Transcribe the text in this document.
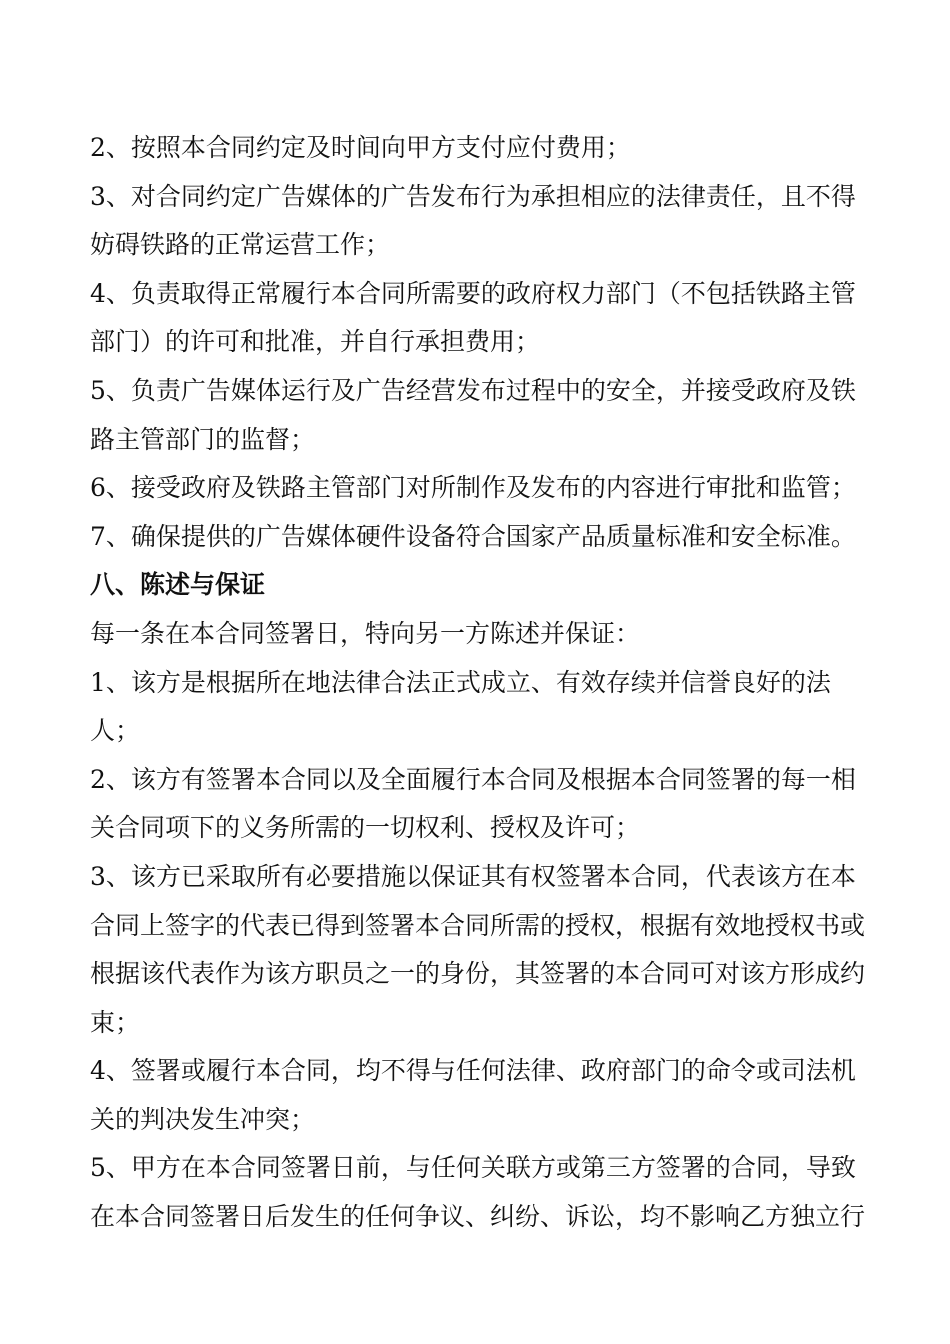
2、按照本合同约定及时间向甲方支付应付费用；

3、对合同约定广告媒体的广告发布行为承担相应的法律责任，且不得妨碍铁路的正常运营工作；

4、负责取得正常履行本合同所需要的政府权力部门（不包括铁路主管部门）的许可和批准，并自行承担费用；

5、负责广告媒体运行及广告经营发布过程中的安全，并接受政府及铁路主管部门的监督；

6、接受政府及铁路主管部门对所制作及发布的内容进行审批和监管；

7、确保提供的广告媒体硬件设备符合国家产品质量标准和安全标准。

八、陈述与保证

每一条在本合同签署日，特向另一方陈述并保证：

1、该方是根据所在地法律合法正式成立、有效存续并信誉良好的法人；

2、该方有签署本合同以及全面履行本合同及根据本合同签署的每一相关合同项下的义务所需的一切权利、授权及许可；

3、该方已采取所有必要措施以保证其有权签署本合同，代表该方在本合同上签字的代表已得到签署本合同所需的授权，根据有效地授权书或根据该代表作为该方职员之一的身份，其签署的本合同可对该方形成约束；

4、签署或履行本合同，均不得与任何法律、政府部门的命令或司法机关的判决发生冲突；

5、甲方在本合同签署日前，与任何关联方或第三方签署的合同，导致在本合同签署日后发生的任何争议、纠纷、诉讼，均不影响乙方独立行
